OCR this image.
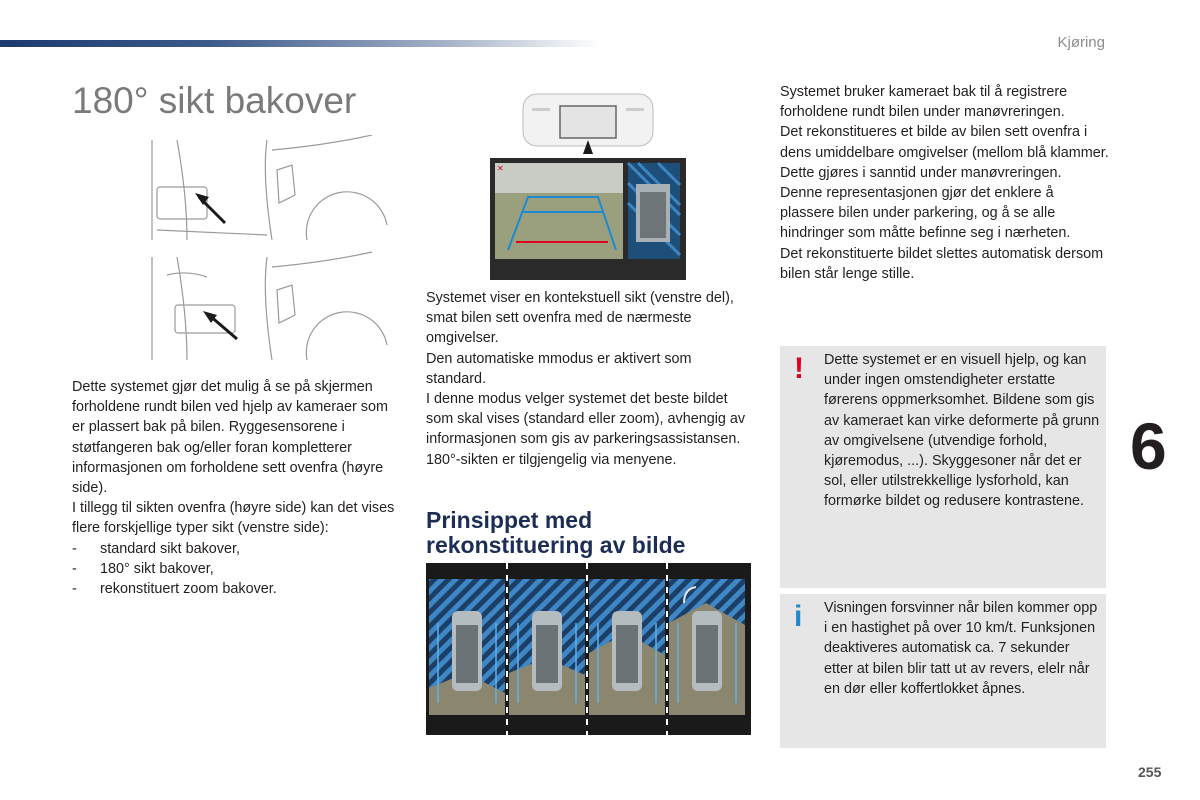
Kjøring
180° sikt bakover
✕

Dette systemet gjør det mulig å se på skjermen forholdene rundt bilen ved hjelp av kameraer som er plassert bak på bilen. Ryggesensorene i støtfangeren bak og/eller foran kompletterer informasjonen om forholdene sett ovenfra (høyre side).

I tillegg til sikten ovenfra (høyre side) kan det vises flere forskjellige typer sikt (venstre side):

- standard sikt bakover,
- 180° sikt bakover,
- rekonstituert zoom bakover.

Systemet viser en kontekstuell sikt (venstre del), smat bilen sett ovenfra med de nærmeste omgivelser.

Den automatiske mmodus er aktivert som standard.

I denne modus velger systemet det beste bildet som skal vises (standard eller zoom), avhengig av informasjonen som gis av parkeringsassistansen.

180°-sikten er tilgjengelig via menyene.

Prinsippet med rekonstituering av bilde

Systemet bruker kameraet bak til å registrere forholdene rundt bilen under manøvreringen.

Det rekonstitueres et bilde av bilen sett ovenfra i dens umiddelbare omgivelser (mellom blå klammer. Dette gjøres i sanntid under manøvreringen.

Denne representasjonen gjør det enklere å plassere bilen under parkering, og å se alle hindringer som måtte befinne seg i nærheten.

Det rekonstituerte bildet slettes automatisk dersom bilen står lenge stille.

! Dette systemet er en visuell hjelp, og kan under ingen omstendigheter erstatte førerens oppmerksomhet. Bildene som gis av kameraet kan virke deformerte på grunn av omgivelsene (utvendige forhold, kjøremodus, ...). Skyggesoner når det er sol, eller utilstrekkellige lysforhold, kan formørke bildet og redusere kontrastene.
i Visningen forsvinner når bilen kommer opp i en hastighet på over 10 km/t. Funksjonen deaktiveres automatisk ca. 7 sekunder etter at bilen blir tatt ut av revers, elelr når en dør eller koffertlokket åpnes.
6
255
